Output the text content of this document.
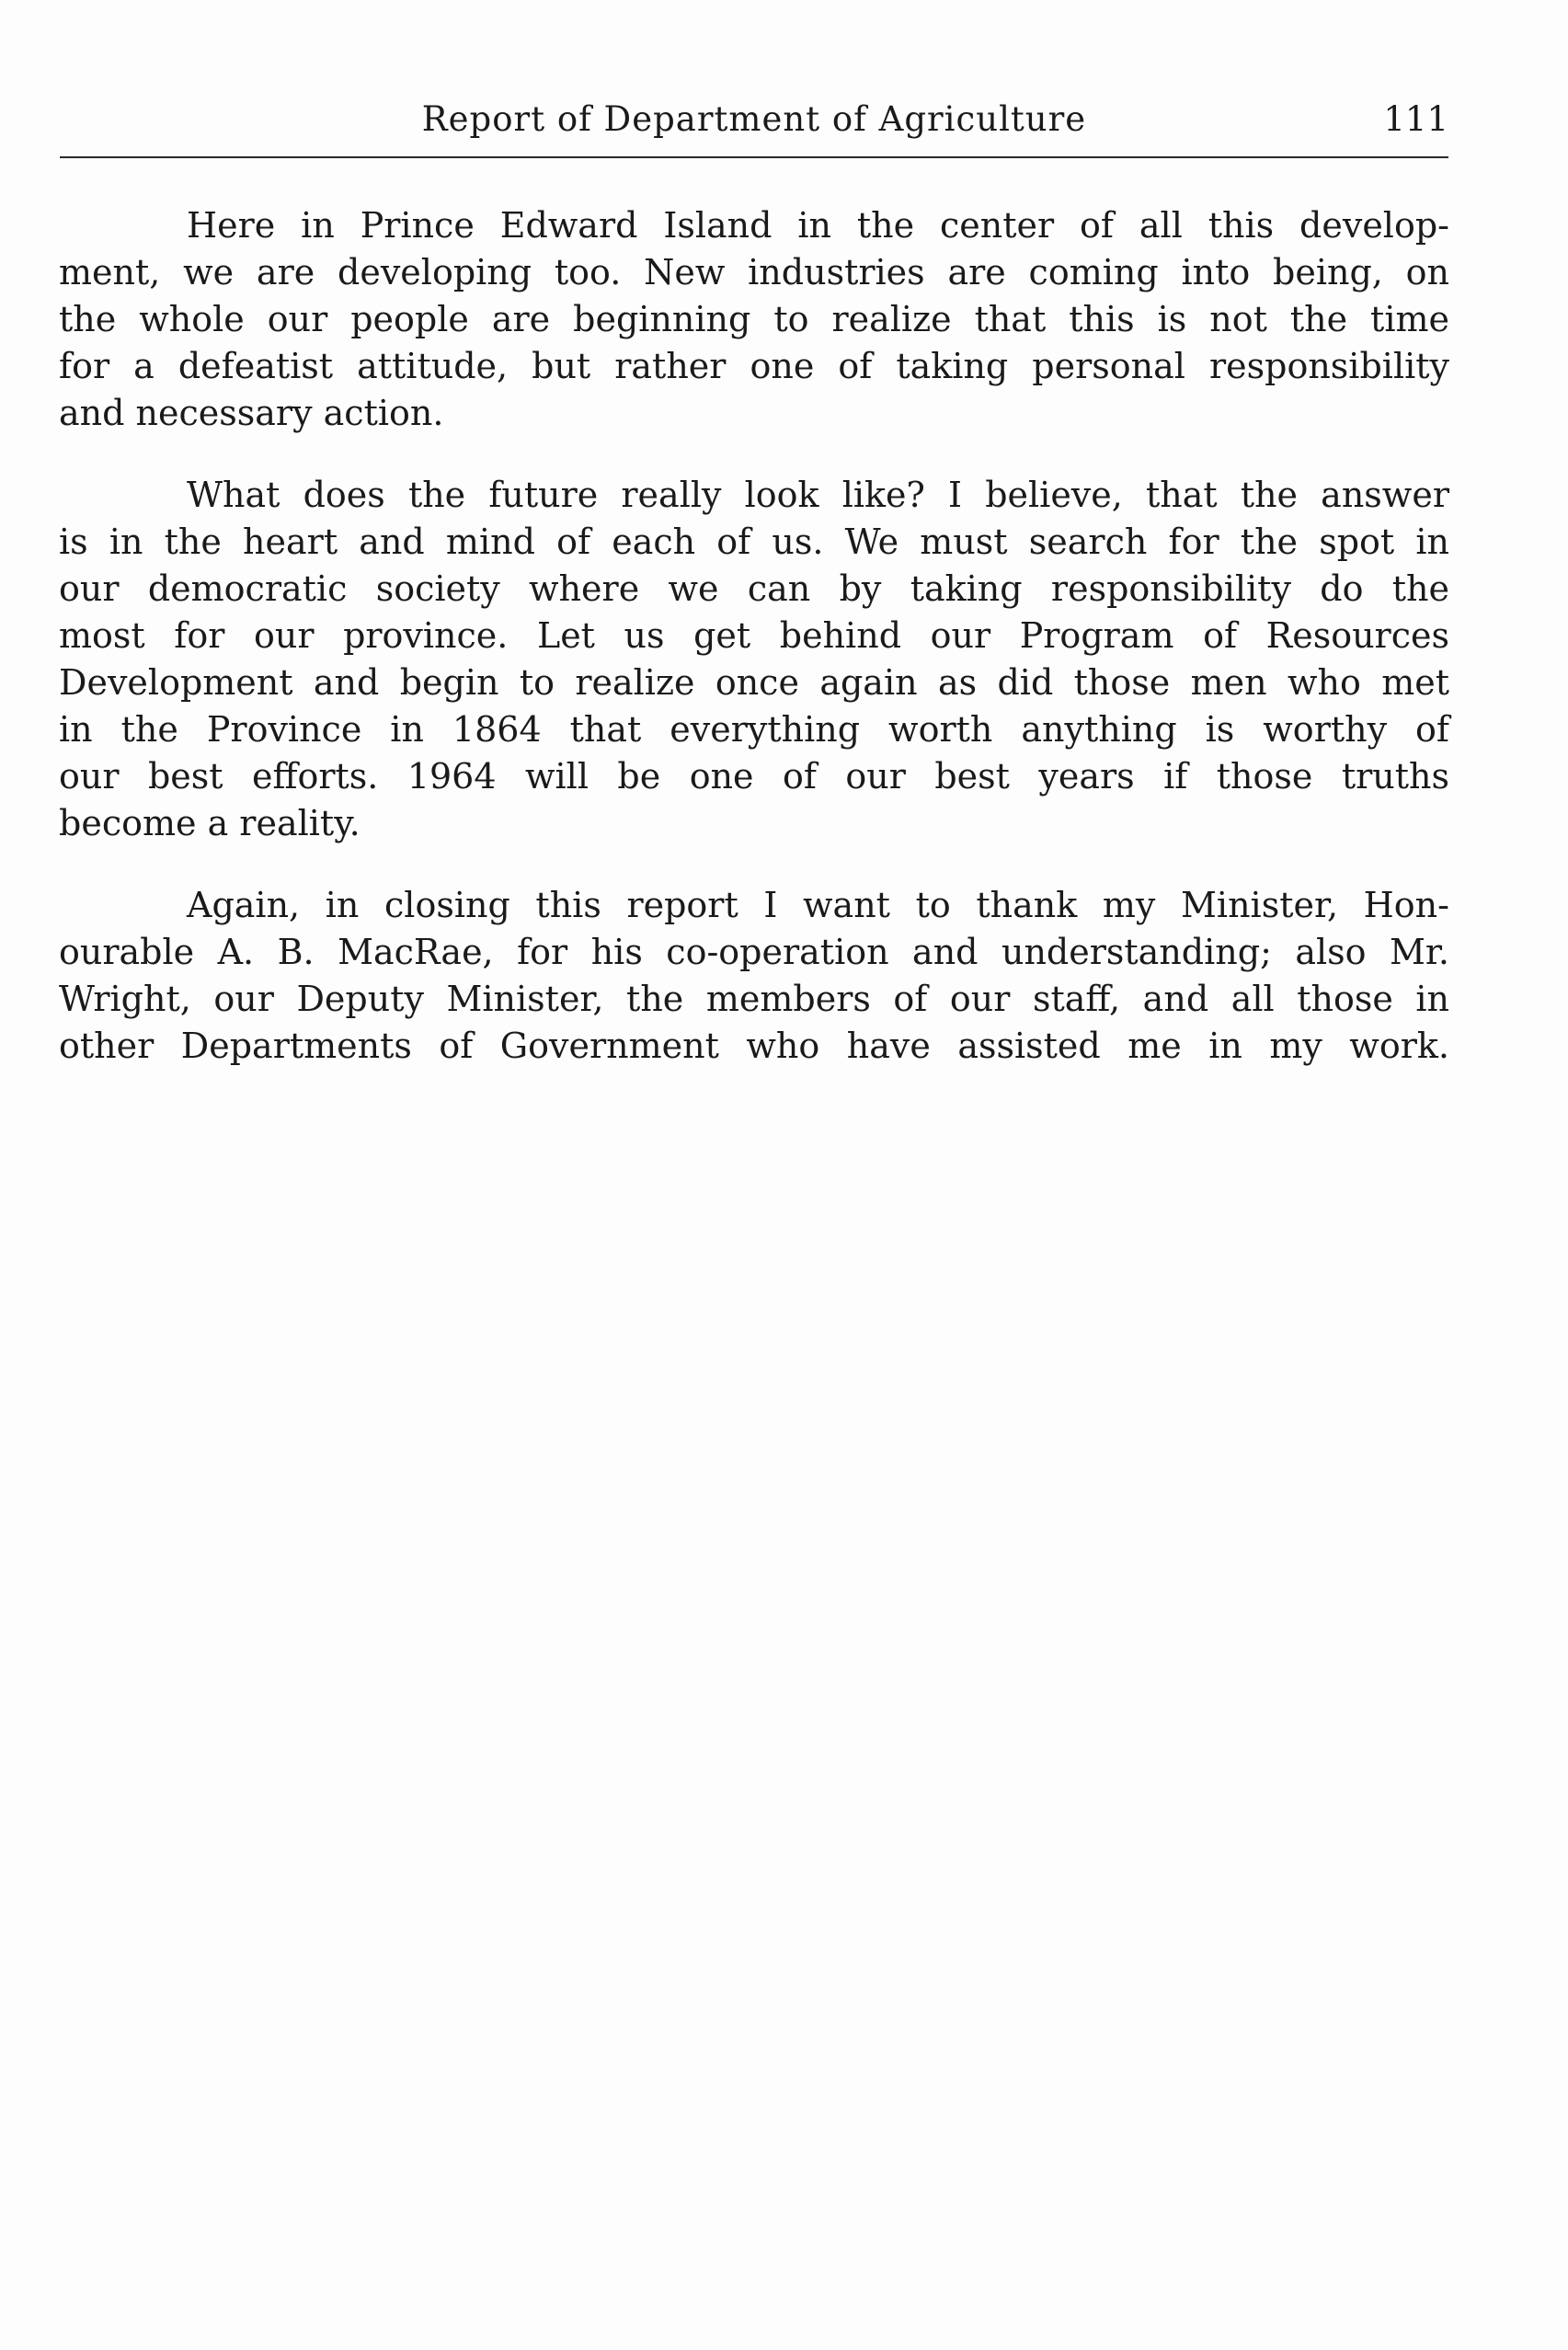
Report of Department of Agriculture	111

Here in Prince Edward Island in the center of all this develop-
ment, we are developing too. New industries are coming into being, on
the whole our people are beginning to realize that this is not the time
for a defeatist attitude, but rather one of taking personal responsibility
and necessary action.

What does the future really look like? I believe, that the answer
is in the heart and mind of each of us. We must search for the spot in
our democratic society where we can by taking responsibility do the
most for our province. Let us get behind our Program of Resources
Development and begin to realize once again as did those men who met
in the Province in 1864 that everything worth anything is worthy of
our best efforts. 1964 will be one of our best years if those truths
become a reality.

Again, in closing this report I want to thank my Minister, Hon-
ourable A. B. MacRae, for his co-operation and understanding; also Mr.
Wright, our Deputy Minister, the members of our staff, and all those in
other Departments of Government who have assisted me in my work.
